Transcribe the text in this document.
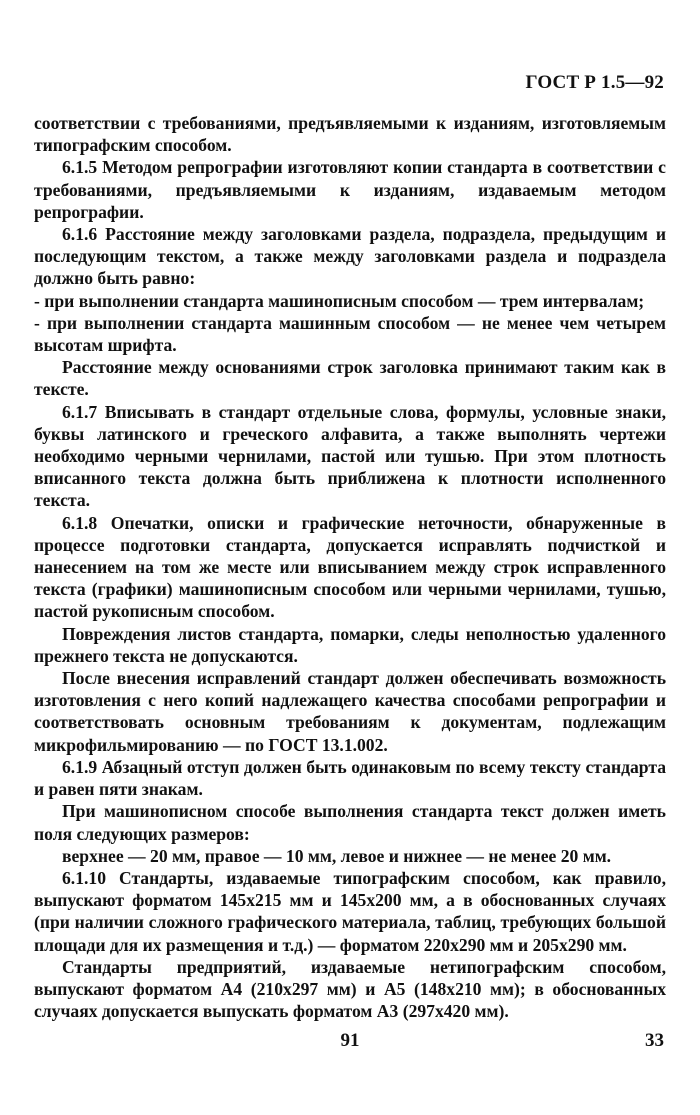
ГОСТ Р 1.5—92

соответствии с требованиями, предъявляемыми к изданиям, изготовляемым типографским способом.

6.1.5 Методом репрографии изготовляют копии стандарта в соответствии с требованиями, предъявляемыми к изданиям, издаваемым методом репрографии.

6.1.6 Расстояние между заголовками раздела, подраздела, предыдущим и последующим текстом, а также между заголовками раздела и подраздела должно быть равно:

- при выполнении стандарта машинописным способом — трем интервалам;

- при выполнении стандарта машинным способом — не менее чем четырем высотам шрифта.

Расстояние между основаниями строк заголовка принимают таким как в тексте.

6.1.7 Вписывать в стандарт отдельные слова, формулы, условные знаки, буквы латинского и греческого алфавита, а также выполнять чертежи необходимо черными чернилами, пастой или тушью. При этом плотность вписанного текста должна быть приближена к плотности исполненного текста.

6.1.8 Опечатки, описки и графические неточности, обнаруженные в процессе подготовки стандарта, допускается исправлять подчисткой и нанесением на том же месте или вписыванием между строк исправленного текста (графики) машинописным способом или черными чернилами, тушью, пастой рукописным способом.

Повреждения листов стандарта, помарки, следы неполностью удаленного прежнего текста не допускаются.

После внесения исправлений стандарт должен обеспечивать возможность изготовления с него копий надлежащего качества способами репрографии и соответствовать основным требованиям к документам, подлежащим микрофильмированию — по ГОСТ 13.1.002.

6.1.9 Абзацный отступ должен быть одинаковым по всему тексту стандарта и равен пяти знакам.

При машинописном способе выполнения стандарта текст должен иметь поля следующих размеров:

верхнее — 20 мм, правое — 10 мм, левое и нижнее — не менее 20 мм.

6.1.10 Стандарты, издаваемые типографским способом, как правило, выпускают форматом 145x215 мм и 145x200 мм, а в обоснованных случаях (при наличии сложного графического материала, таблиц, требующих большой площади для их размещения и т.д.) — форматом 220x290 мм и 205x290 мм.

Стандарты предприятий, издаваемые нетипографским способом, выпускают форматом А4 (210x297 мм) и А5 (148x210 мм); в обоснованных случаях допускается выпускать форматом А3 (297x420 мм).

91	33
